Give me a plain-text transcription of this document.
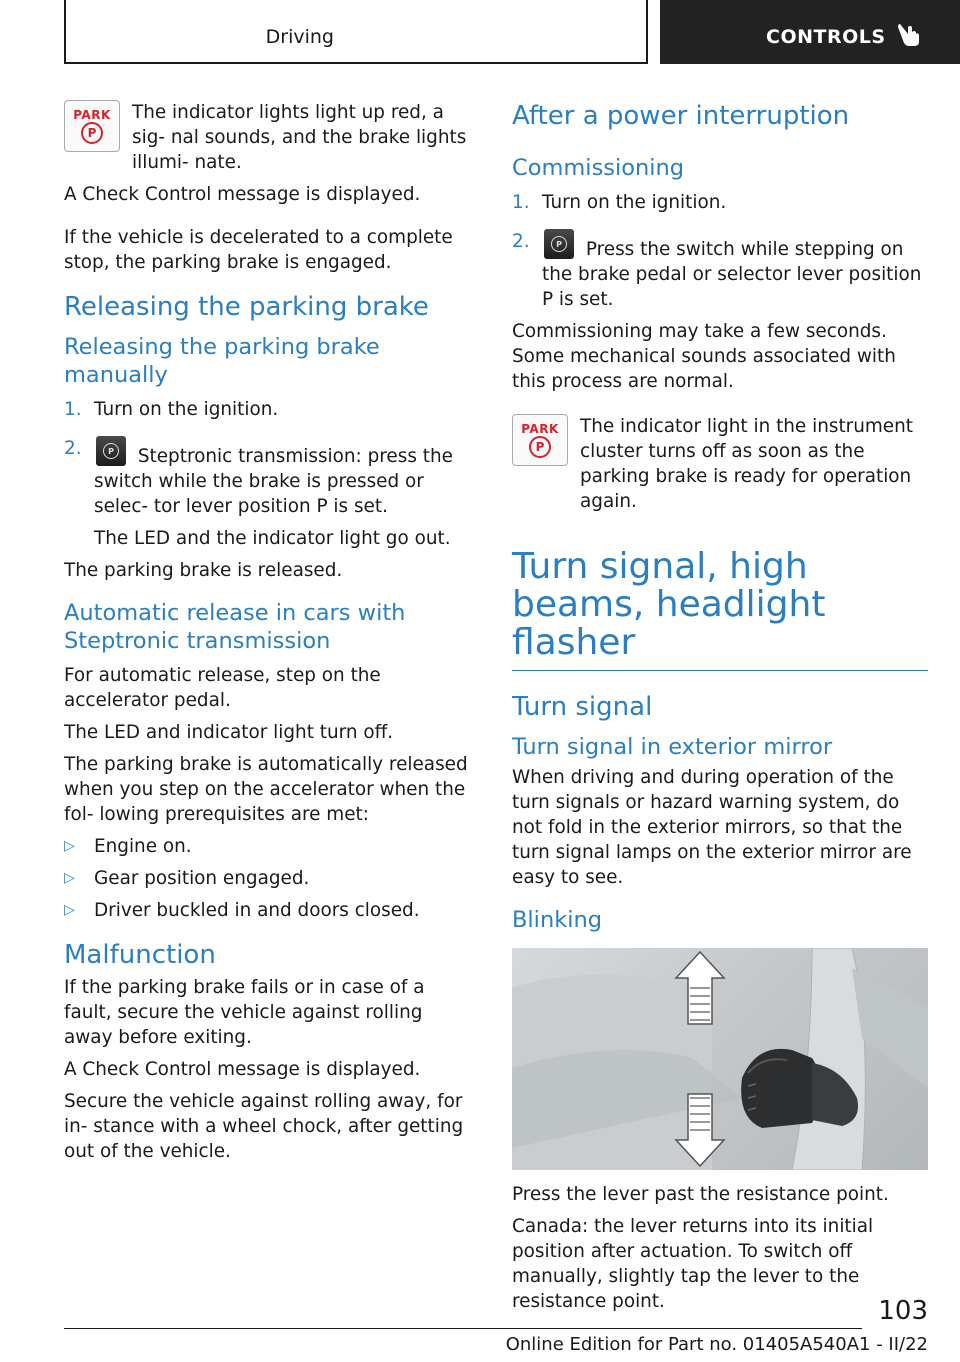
Driving	CONTROLS
PARK
P

The indicator lights light up red, a sig‐ nal sounds, and the brake lights illumi‐ nate.

A Check Control message is displayed.

If the vehicle is decelerated to a complete stop, the parking brake is engaged.

Releasing the parking brake
Releasing the parking brake manually
1. Turn on the ignition.

2.	P Steptronic transmission: press the switch while the brake is pressed or selec‐ tor lever position P is set.

The LED and the indicator light go out.

The parking brake is released.

Automatic release in cars with Steptronic transmission

For automatic release, step on the accelerator pedal.

The LED and indicator light turn off.

The parking brake is automatically released when you step on the accelerator when the fol‐ lowing prerequisites are met:

▷	Engine on.

▷	Gear position engaged.

▷	Driver buckled in and doors closed.

Malfunction

If the parking brake fails or in case of a fault, secure the vehicle against rolling away before exiting.

A Check Control message is displayed.

Secure the vehicle against rolling away, for in‐ stance with a wheel chock, after getting out of the vehicle.

After a power interruption
Commissioning
1. Turn on the ignition.

2.	P Press the switch while stepping on the brake pedal or selector lever position P is set.

Commissioning may take a few seconds. Some mechanical sounds associated with this process are normal.

PARK
P

The indicator light in the instrument cluster turns off as soon as the parking brake is ready for operation again.

Turn signal, high beams, headlight flasher
Turn signal
Turn signal in exterior mirror

When driving and during operation of the turn signals or hazard warning system, do not fold in the exterior mirrors, so that the turn signal lamps on the exterior mirror are easy to see.

Blinking

Press the lever past the resistance point.

Canada: the lever returns into its initial position after actuation. To switch off manually, slightly tap the lever to the resistance point.	103
Online Edition for Part no. 01405A540A1 - II/22
